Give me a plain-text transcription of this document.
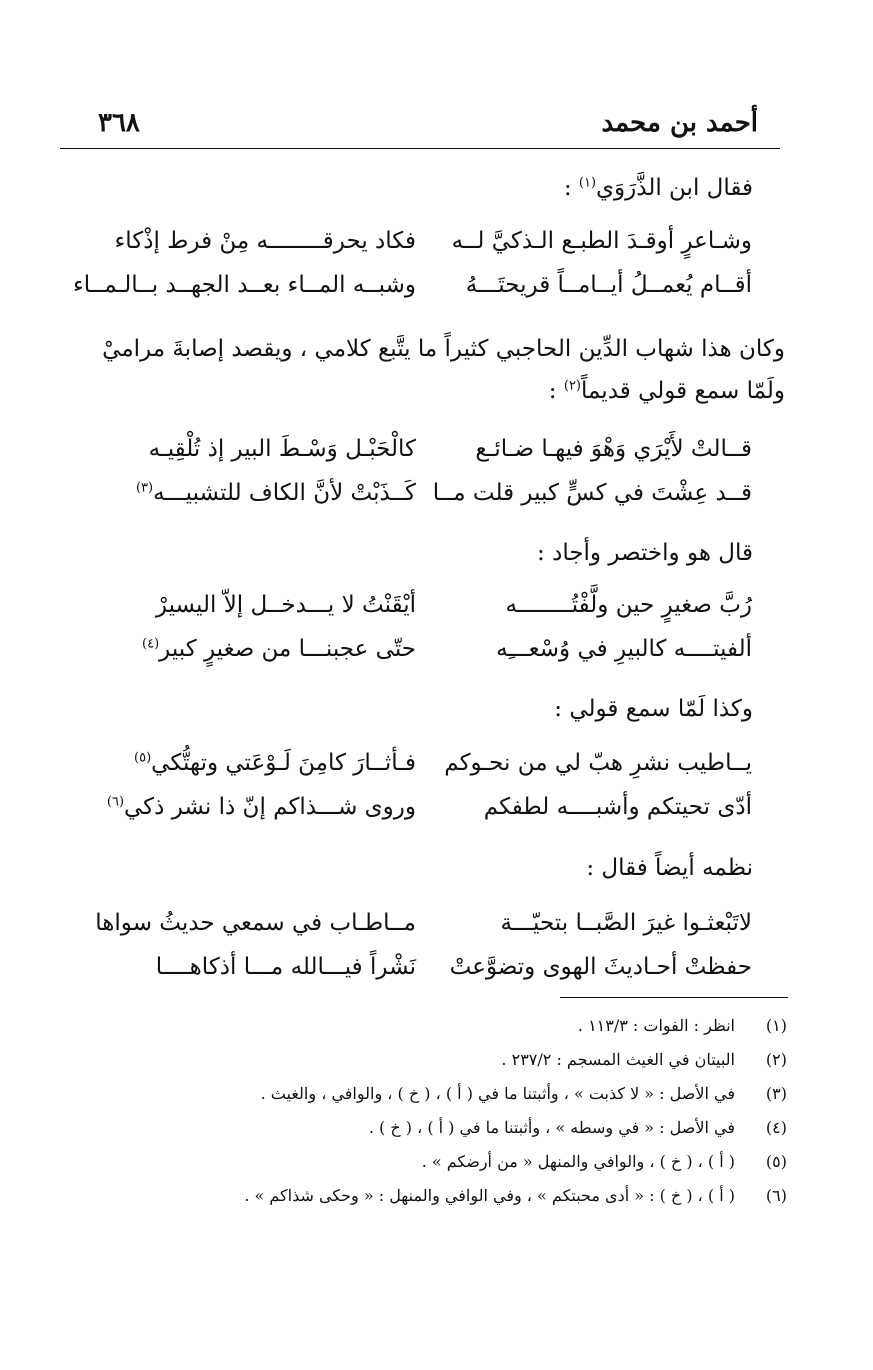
أحمد بن محمد
٣٦٨
فقال ابن الذَّرَوَي$^{(١)}$ :
وشـاعرٍ أوقـدَ الطبـع الـذكيَّ لــه
فكاد يحرقــــــــه مِنْ فرط إذْكاء
أقــام يُعمــلُ أيــامــاً قريحتَـــهُ
وشبــه المــاء بعــد الجهــد بــالـمــاء
وكان هذا شهاب الدِّين الحاجبي كثيراً ما يتَّبع كلامي ، ويقصد إصابةَ مراميْ
ولَمّا سمع قولي قديماً$^{(٢)}$ :
قــالتْ لأَيْرَي وَهْوَ فيهـا ضـائـع
كالْحَبْـل وَسْـطَ البير إذ تُلْقِيـه
قــد عِشْتَ في كسٍّ كبير قلت مــا
كَــذَبْتْ لأنَّ الكاف للتشبيـــه$^{(٣)}$
قال هو واختصر وأجاد :
رُبَّ صغيرٍ حين ولَّفْتُــــــــه
أيْقَنْتُ لا يـــدخــل إلاّ اليسيرْ
ألفيتــــه كالبيرِ في وُسْعـــِه
حتّى عجبنـــا من صغيرٍ كبير$^{(٤)}$
وكذا لَمّا سمع قولي :
يــاطيب نشرِ هبّ لي من نحـوكم
فـأثــارَ كامِنَ لَـوْعَتي وتهتُّكي$^{(٥)}$
أدّى تحيتكم وأشبــــه لطفكم
وروى شـــذاكم إنّ ذا نشر ذكي$^{(٦)}$
نظمه أيضاً فقال :
لاتَبْعثـوا غيرَ الصَّبــا بتحيّـــة
مــاطـاب في سمعي حديثُ سواها
حفظتْ أحـاديثَ الهوى وتضوَّعتْ
نَشْراً فيـــالله مـــا أذكاهــــا
(١)انظر : الفوات : ١١٣/٣ .
(٢)البيتان في الغيث المسجم : ٢٣٧/٢ .
(٣)في الأصل : « لا كذبت » ، وأثبتنا ما في ( أ ) ، ( خ ) ، والوافي ، والغيث .
(٤)في الأصل : « في وسطه » ، وأثبتنا ما في ( أ ) ، ( خ ) .
(٥)( أ ) ، ( خ ) ، والوافي والمنهل « من أرضكم » .
(٦)( أ ) ، ( خ ) : « أدى محبتكم » ، وفي الوافي والمنهل : « وحكى شذاكم » .
